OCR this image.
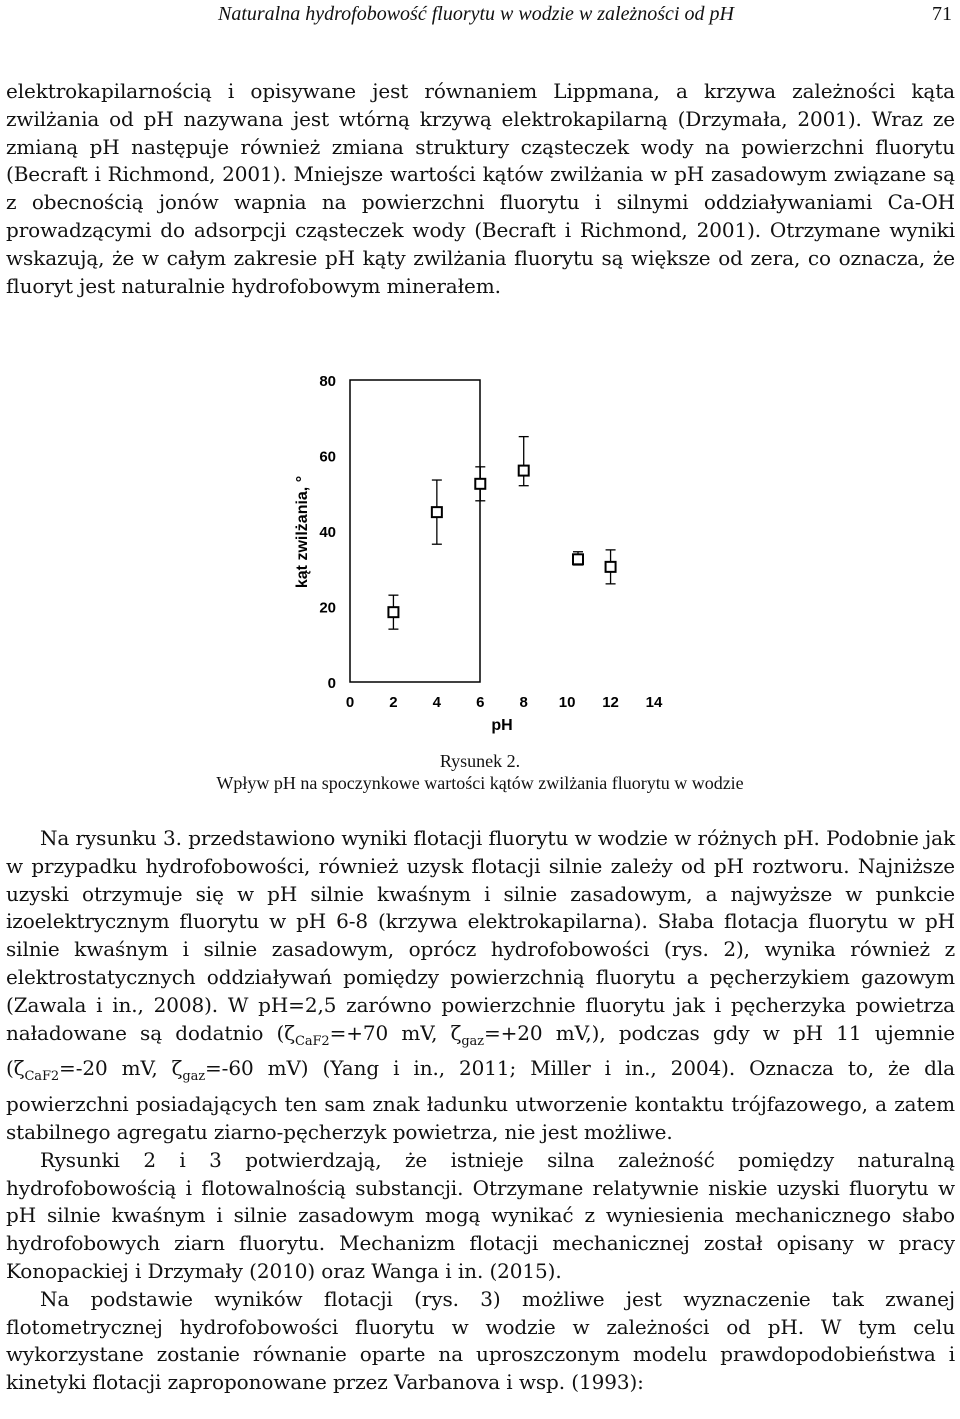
Naturalna hydrofobowość fluorytu w wodzie w zależności od pH	71

elektrokapilarnością i opisywane jest równaniem Lippmana, a krzywa zależności kąta zwilżania od pH nazywana jest wtórną krzywą elektrokapilarną (Drzymała, 2001). Wraz ze zmianą pH następuje również zmiana struktury cząsteczek wody na powierzchni fluorytu (Becraft i Richmond, 2001). Mniejsze wartości kątów zwilżania w pH zasadowym związane są z obecnością jonów wapnia na powierzchni fluorytu i silnymi oddziaływaniami Ca-OH prowadzącymi do adsorpcji cząsteczek wody (Becraft i Richmond, 2001). Otrzymane wyniki wskazują, że w całym zakresie pH kąty zwilżania fluorytu są większe od zera, co oznacza, że fluoryt jest naturalnie hydrofobowym minerałem.

0
20
40
60
80
0 2 4 6 8 10 12 14
pH
kąt zwilżania, °
Rysunek 2.
Wpływ pH na spoczynkowe wartości kątów zwilżania fluorytu w wodzie

Na rysunku 3. przedstawiono wyniki flotacji fluorytu w wodzie w różnych pH. Podobnie jak w przypadku hydrofobowości, również uzysk flotacji silnie zależy od pH roztworu. Najniższe uzyski otrzymuje się w pH silnie kwaśnym i silnie zasadowym, a najwyższe w punkcie izoelektrycznym fluorytu w pH 6-8 (krzywa elektrokapilarna). Słaba flotacja fluorytu w pH silnie kwaśnym i silnie zasadowym, oprócz hydrofobowości (rys. 2), wynika również z elektrostatycznych oddziaływań pomiędzy powierzchnią fluorytu a pęcherzykiem gazowym (Zawala i in., 2008). W pH=2,5 zarówno powierzchnie fluorytu jak i pęcherzyka powietrza naładowane są dodatnio ($\zeta_{CaF2}=+70$ mV, $\zeta_{gaz}=+20$ mV,), podczas gdy w pH 11 ujemnie ($\zeta_{CaF2}=-20$ mV, $\zeta_{gaz}=-60$ mV) (Yang i in., 2011; Miller i in., 2004). Oznacza to, że dla powierzchni posiadających ten sam znak ładunku utworzenie kontaktu trójfazowego, a zatem stabilnego agregatu ziarno-pęcherzyk powietrza, nie jest możliwe.

Rysunki 2 i 3 potwierdzają, że istnieje silna zależność pomiędzy naturalną hydrofobowością i flotowalnością substancji. Otrzymane relatywnie niskie uzyski fluorytu w pH silnie kwaśnym i silnie zasadowym mogą wynikać z wyniesienia mechanicznego słabo hydrofobowych ziarn fluorytu. Mechanizm flotacji mechanicznej został opisany w pracy Konopackiej i Drzymały (2010) oraz Wanga i in. (2015).

Na podstawie wyników flotacji (rys. 3) możliwe jest wyznaczenie tak zwanej flotometrycznej hydrofobowości fluorytu w wodzie w zależności od pH. W tym celu wykorzystane zostanie równanie oparte na uproszczonym modelu prawdopodobieństwa i kinetyki flotacji zaproponowane przez Varbanova i wsp. (1993):
